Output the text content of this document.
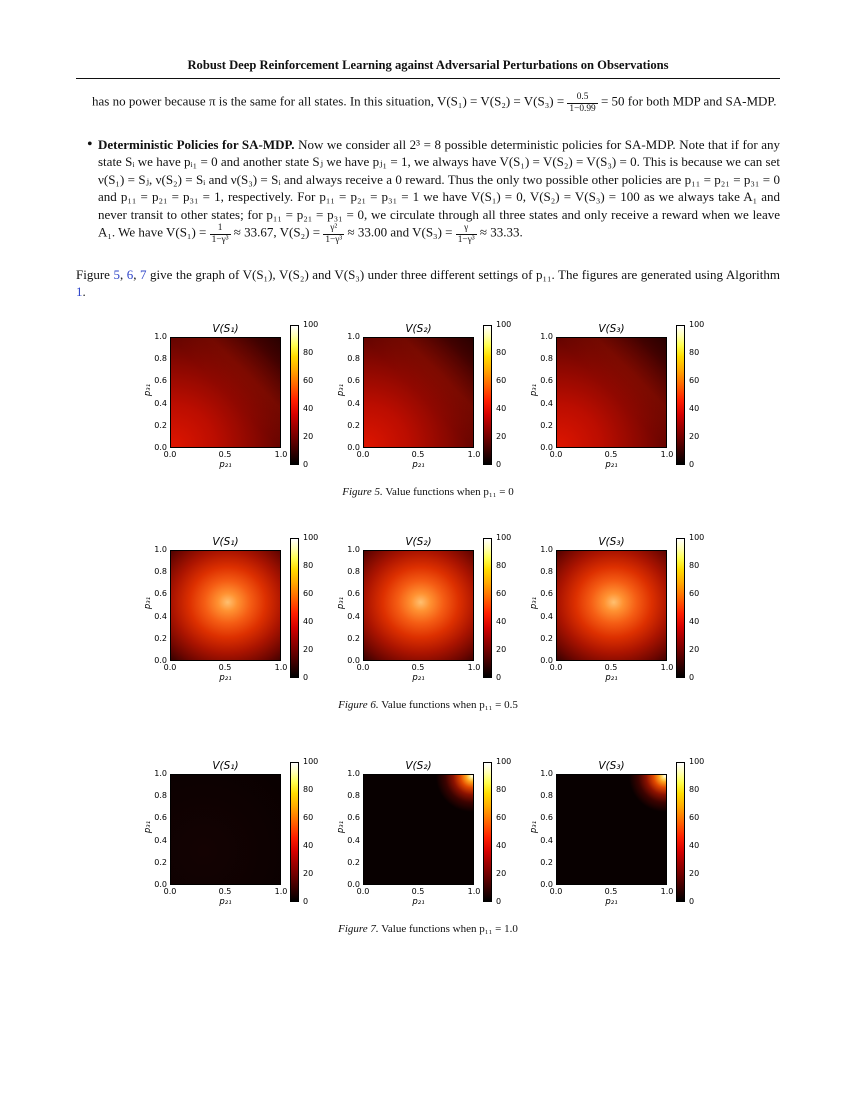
Robust Deep Reinforcement Learning against Adversarial Perturbations on Observations
has no power because π is the same for all states. In this situation, $V(S_1) = V(S_2) = V(S_3) = \frac{0.5}{1-0.99} = 50$ for both MDP and SA-MDP.
• Deterministic Policies for SA-MDP. Now we consider all 2³ = 8 possible deterministic policies for SA-MDP. Note that if for any state Sᵢ we have pᵢ₁ = 0 and another state Sⱼ we have pⱼ₁ = 1, we always have V(S₁) = V(S₂) = V(S₃) = 0. This is because we can set ν(S₁) = Sⱼ, ν(S₂) = Sᵢ and ν(S₃) = Sᵢ and always receive a 0 reward. Thus the only two possible other policies are p₁₁ = p₂₁ = p₃₁ = 0 and p₁₁ = p₂₁ = p₃₁ = 1, respectively. For p₁₁ = p₂₁ = p₃₁ = 1 we have V(S₁) = 0, V(S₂) = V(S₃) = 100 as we always take A₁ and never transit to other states; for p₁₁ = p₂₁ = p₃₁ = 0, we circulate through all three states and only receive a reward when we leave A₁. We have $V(S_1) = \frac{1}{\text{1−γ³}} \approx 33.67$, $V(S_2) = \frac{\text{γ²}}{\text{1−γ³}} \approx 33.00$ and $V(S_3) = \frac{\gamma}{\text{1−γ³}} \approx 33.33$.
Figure 5, 6, 7 give the graph of V(S₁), V(S₂) and V(S₃) under three different settings of p₁₁. The figures are generated using Algorithm 1.
V(S₁)
p₃₁
1.0
0.8
0.6
0.4
0.2
0.0
0.0	0.5	1.0
p₂₁
100
80
60
40
20
0
V(S₂)
p₃₁
1.0
0.8
0.6
0.4
0.2
0.0
0.0	0.5	1.0
p₂₁
100
80
60
40
20
0
V(S₃)
p₃₁
1.0
0.8
0.6
0.4
0.2
0.0
0.0	0.5	1.0
p₂₁
100
80
60
40
20
0
Figure 5. Value functions when p₁₁ = 0
V(S₁)
p₃₁
1.0
0.8
0.6
0.4
0.2
0.0
0.0	0.5	1.0
p₂₁
100
80
60
40
20
0
V(S₂)
p₃₁
1.0
0.8
0.6
0.4
0.2
0.0
0.0	0.5	1.0
p₂₁
100
80
60
40
20
0
V(S₃)
p₃₁
1.0
0.8
0.6
0.4
0.2
0.0
0.0	0.5	1.0
p₂₁
100
80
60
40
20
0
Figure 6. Value functions when p₁₁ = 0.5
V(S₁)
p₃₁
1.0
0.8
0.6
0.4
0.2
0.0
0.0	0.5	1.0
p₂₁
100
80
60
40
20
0
V(S₂)
p₃₁
1.0
0.8
0.6
0.4
0.2
0.0
0.0	0.5	1.0
p₂₁
100
80
60
40
20
0
V(S₃)
p₃₁
1.0
0.8
0.6
0.4
0.2
0.0
0.0	0.5	1.0
p₂₁
100
80
60
40
20
0
Figure 7. Value functions when p₁₁ = 1.0
